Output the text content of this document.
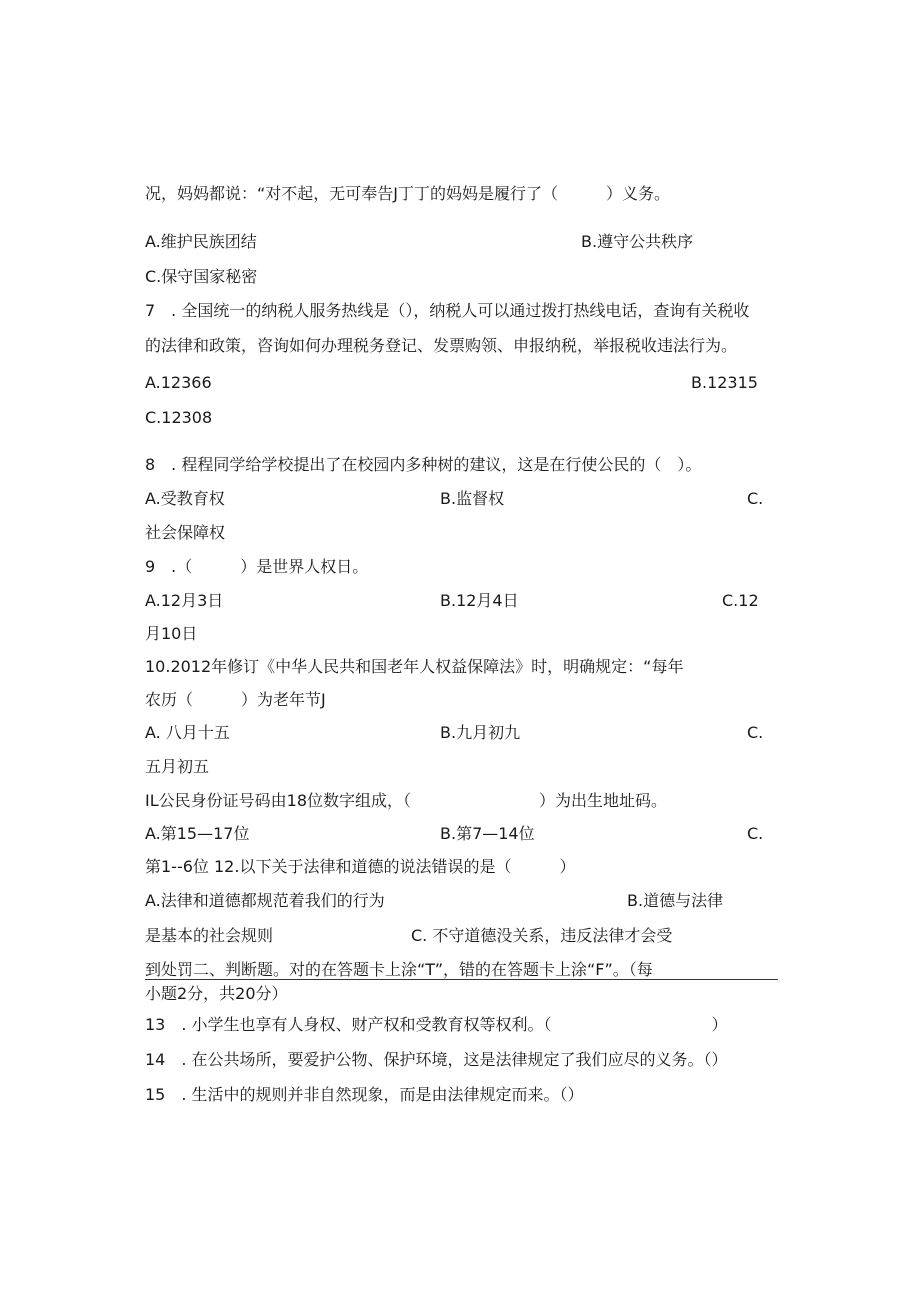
况，妈妈都说：“对不起，无可奉告J丁丁的妈妈是履行了（　　　）义务。
A.维护民族团结	B.遵守公共秩序
C.保守国家秘密
7　. 全国统一的纳税人服务热线是（），纳税人可以通过拨打热线电话，查询有关税收
的法律和政策，咨询如何办理税务登记、发票购领、申报纳税，举报税收违法行为。
A.12366	B.12315
C.12308
8　. 程程同学给学校提出了在校园内多种树的建议，这是在行使公民的（　）。
A.受教育权	B.监督权	C.
社会保障权
9　.（　　　）是世界人权日。
A.12月3日	B.12月4日	C.12
月10日
10.2012年修订《中华人民共和国老年人权益保障法》时，明确规定：“每年
农历（　　　）为老年节J
A. 八月十五	B.九月初九	C.
五月初五
IL公民身份证号码由18位数字组成，（　　　　　　　　）为出生地址码。
A.第15—17位	B.第7—14位	C.
第1--6位 12.以下关于法律和道德的说法错误的是（　　　）
A.法律和道德都规范着我们的行为	B.道德与法律
是基本的社会规则	C. 不守道德没关系，违反法律才会受
到处罚二、判断题。对的在答题卡上涂“T”，错的在答题卡上涂“F”。（每
小题2分，共20分）
13　. 小学生也享有人身权、财产权和受教育权等权利。（　　　　　　　　　　）
14　. 在公共场所，要爱护公物、保护环境，这是法律规定了我们应尽的义务。（）
15　. 生活中的规则并非自然现象，而是由法律规定而来。（）
